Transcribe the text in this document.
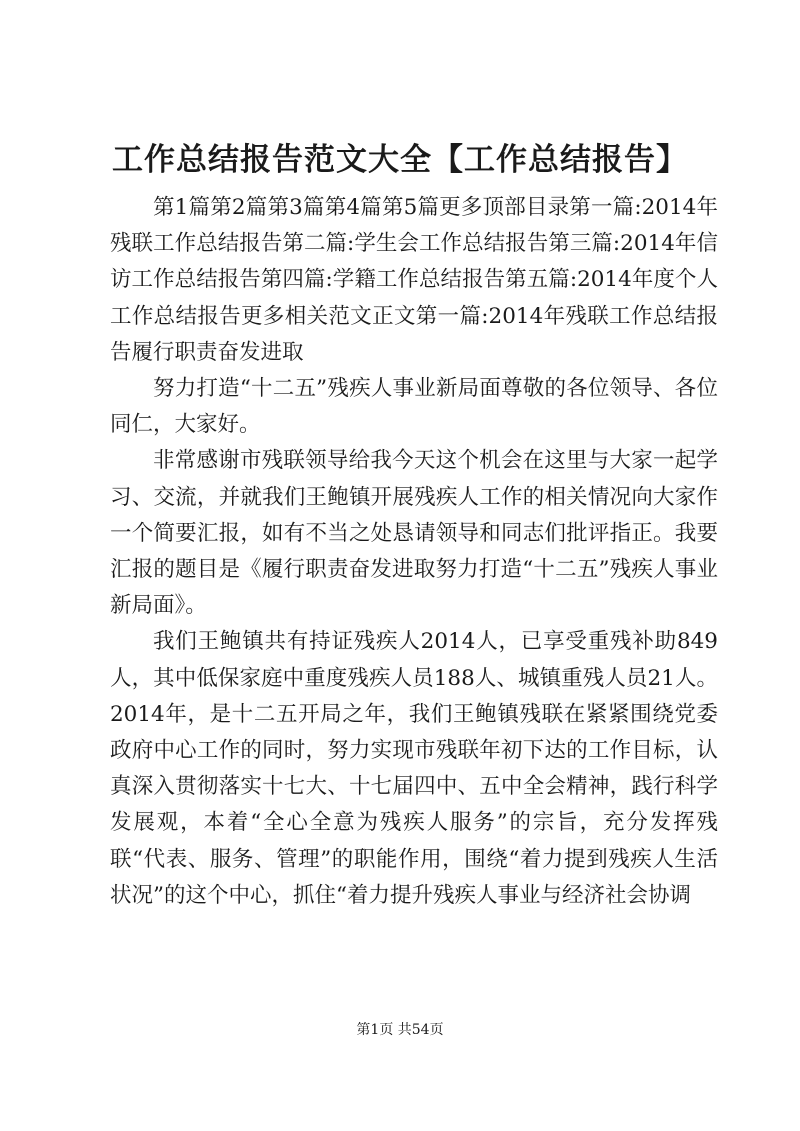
工作总结报告范文大全【工作总结报告】

第1篇第2篇第3篇第4篇第5篇更多顶部目录第一篇:2014年残联工作总结报告第二篇:学生会工作总结报告第三篇:2014年信访工作总结报告第四篇:学籍工作总结报告第五篇:2014年度个人工作总结报告更多相关范文正文第一篇:2014年残联工作总结报告履行职责奋发进取

努力打造“十二五”残疾人事业新局面尊敬的各位领导、各位同仁，大家好。

非常感谢市残联领导给我今天这个机会在这里与大家一起学习、交流，并就我们王鲍镇开展残疾人工作的相关情况向大家作一个简要汇报，如有不当之处恳请领导和同志们批评指正。我要汇报的题目是《履行职责奋发进取努力打造“十二五”残疾人事业新局面》。

我们王鲍镇共有持证残疾人2014人，已享受重残补助849人，其中低保家庭中重度残疾人员188人、城镇重残人员21人。2014年，是十二五开局之年，我们王鲍镇残联在紧紧围绕党委政府中心工作的同时，努力实现市残联年初下达的工作目标，认真深入贯彻落实十七大、十七届四中、五中全会精神，践行科学发展观，本着“全心全意为残疾人服务”的宗旨，充分发挥残联“代表、服务、管理”的职能作用，围绕“着力提到残疾人生活状况”的这个中心，抓住“着力提升残疾人事业与经济社会协调

第1页 共54页
